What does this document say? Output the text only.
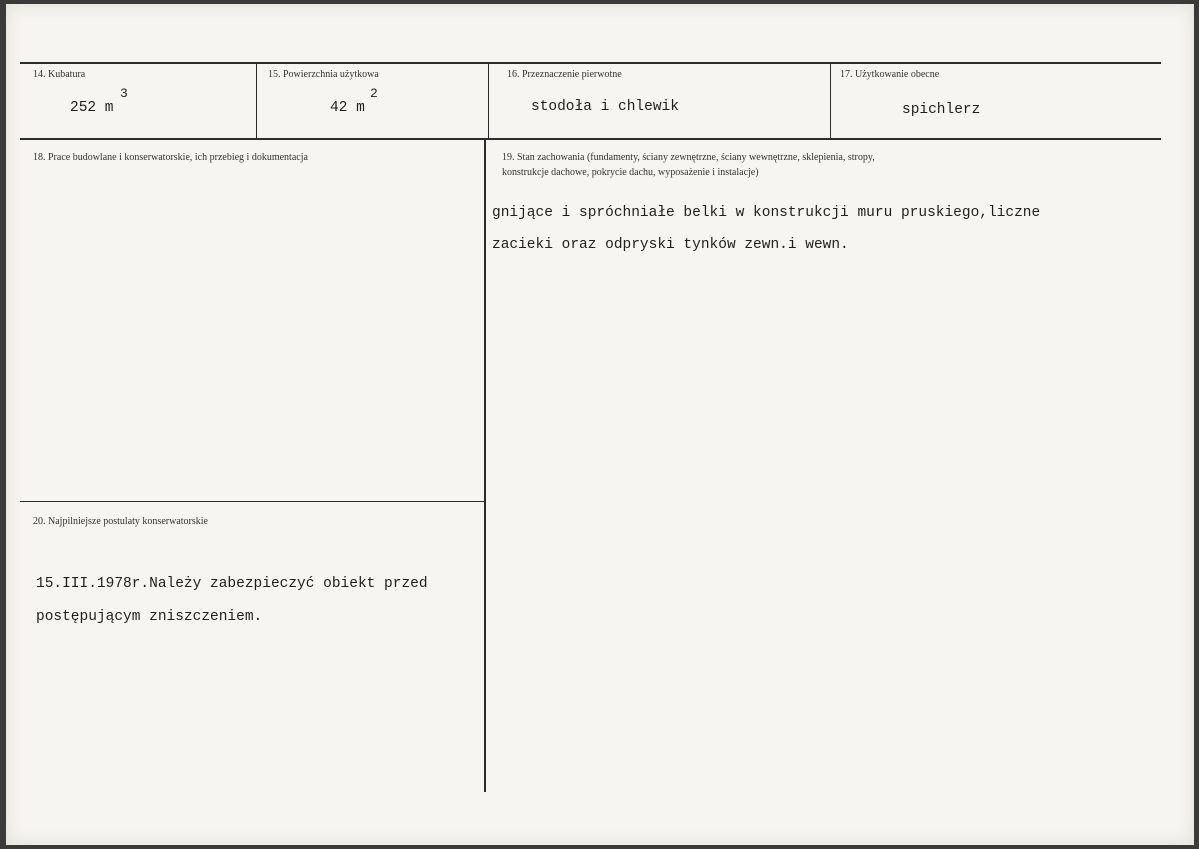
14. Kubatura
252 m
3
15. Powierzchnia użytkowa
42 m
2
16. Przeznaczenie pierwotne
stodoła i chlewik
17. Użytkowanie obecne
spichlerz
18. Prace budowlane i konserwatorskie, ich przebieg i dokumentacja	19. Stan zachowania (fundamenty, ściany zewnętrzne, ściany wewnętrzne, sklepienia, stropy,
konstrukcje dachowe, pokrycie dachu, wyposażenie i instalacje)
gnijące i spróchniałe belki w konstrukcji muru pruskiego,liczne
zacieki oraz odpryski tynków zewn.i wewn.
20. Najpilniejsze postulaty konserwatorskie
15.III.1978r.Należy zabezpieczyć obiekt przed
postępującym zniszczeniem.
